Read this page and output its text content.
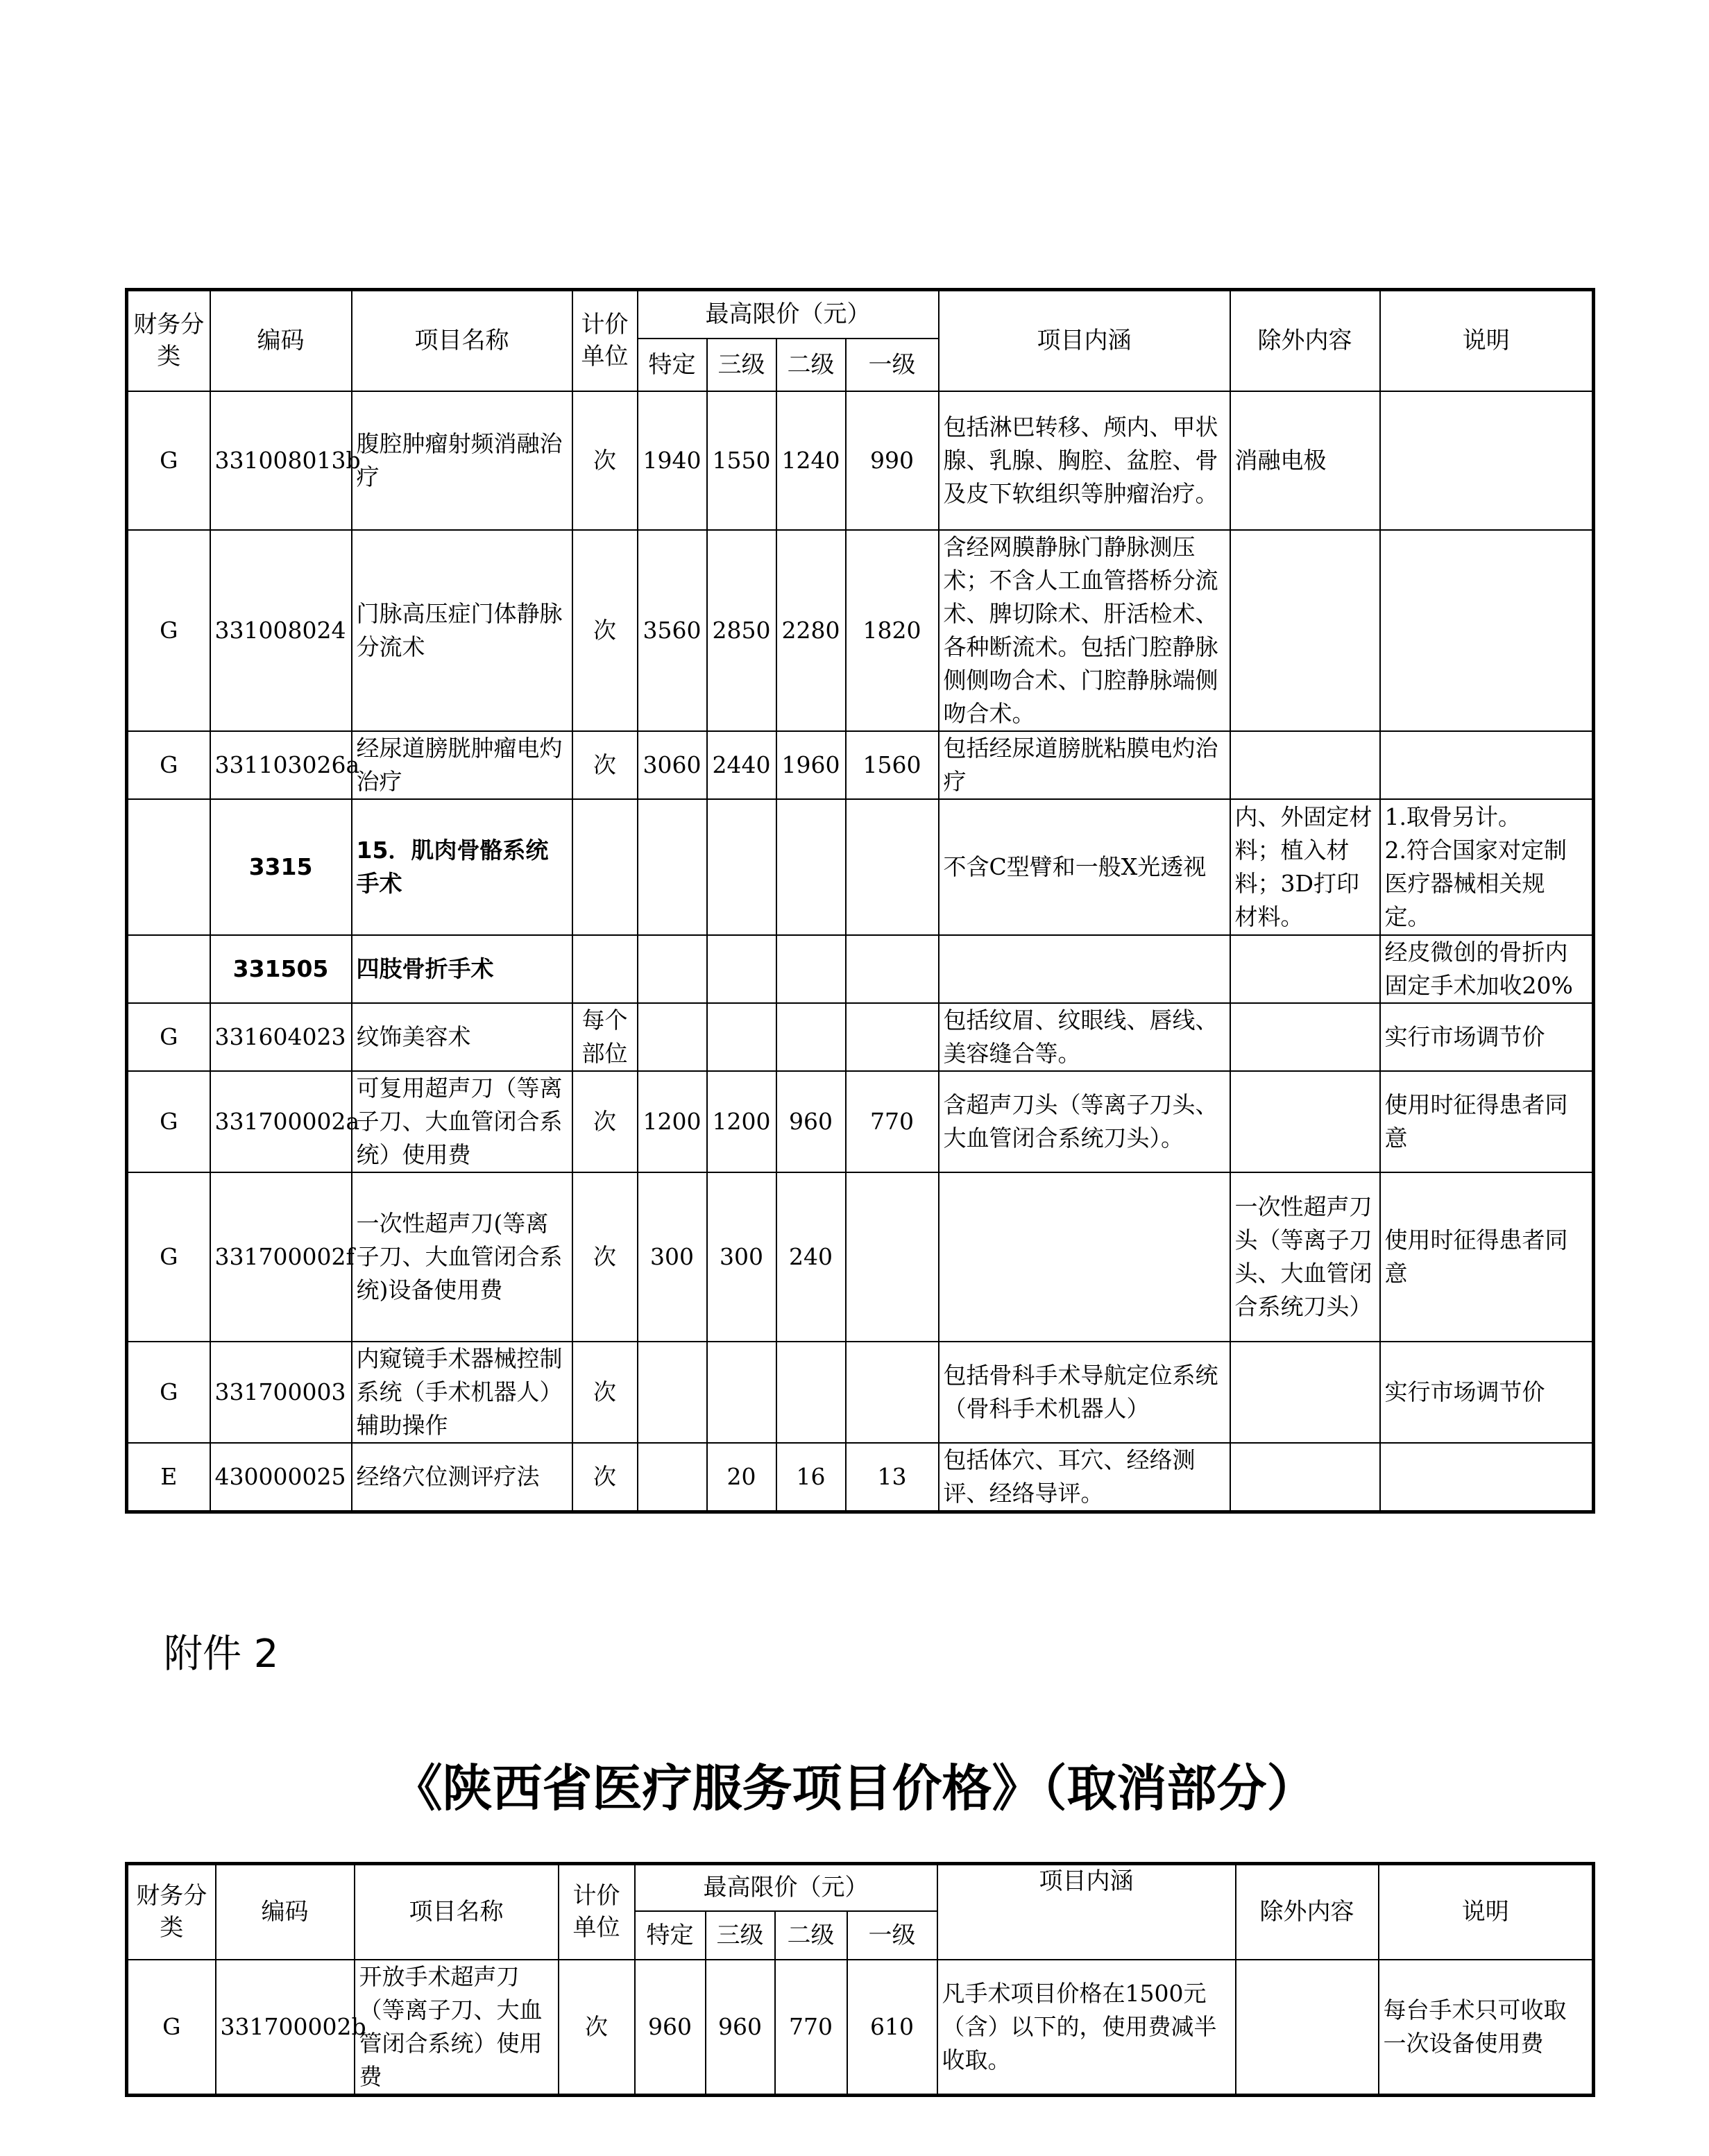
财务分类	编码	项目名称	计价单位	最高限价（元）				项目内涵	除外内容	说明
				特定	三级	二级	一级			
G	331008013b	腹腔肿瘤射频消融治疗	次	1940	1550	1240	990	包括淋巴转移、颅内、甲状腺、乳腺、胸腔、盆腔、骨及皮下软组织等肿瘤治疗。	消融电极	
G	331008024	门脉高压症门体静脉分流术	次	3560	2850	2280	1820	含经网膜静脉门静脉测压术；不含人工血管搭桥分流术、脾切除术、肝活检术、各种断流术。包括门腔静脉侧侧吻合术、门腔静脉端侧吻合术。		
G	331103026a	经尿道膀胱肿瘤电灼治疗	次	3060	2440	1960	1560	包括经尿道膀胱粘膜电灼治疗		
	3315	15．肌肉骨骼系统手术						不含C型臂和一般X光透视	内、外固定材料；植入材料；3D打印材料。	1.取骨另计。
2.符合国家对定制医疗器械相关规定。
	331505	四肢骨折手术								经皮微创的骨折内固定手术加收20%
G	331604023	纹饰美容术	每个部位					包括纹眉、纹眼线、唇线、美容缝合等。		实行市场调节价
G	331700002a	可复用超声刀（等离子刀、大血管闭合系统）使用费	次	1200	1200	960	770	含超声刀头（等离子刀头、大血管闭合系统刀头）。		使用时征得患者同意
G	331700002f	一次性超声刀(等离子刀、大血管闭合系统)设备使用费	次	300	300	240			一次性超声刀头（等离子刀头、大血管闭合系统刀头）	使用时征得患者同意
G	331700003	内窥镜手术器械控制系统（手术机器人）辅助操作	次					包括骨科手术导航定位系统（骨科手术机器人）		实行市场调节价
E	430000025	经络穴位测评疗法	次		20	16	13	包括体穴、耳穴、经络测评、经络导评。		
附件 2
《陕西省医疗服务项目价格》（取消部分）
财务分类	编码	项目名称	计价单位	最高限价（元）				项目内涵	除外内容	说明
				特定	三级	二级	一级			
G	331700002b	开放手术超声刀（等离子刀、大血管闭合系统）使用费	次	960	960	770	610	凡手术项目价格在1500元（含）以下的，使用费减半收取。		每台手术只可收取一次设备使用费
